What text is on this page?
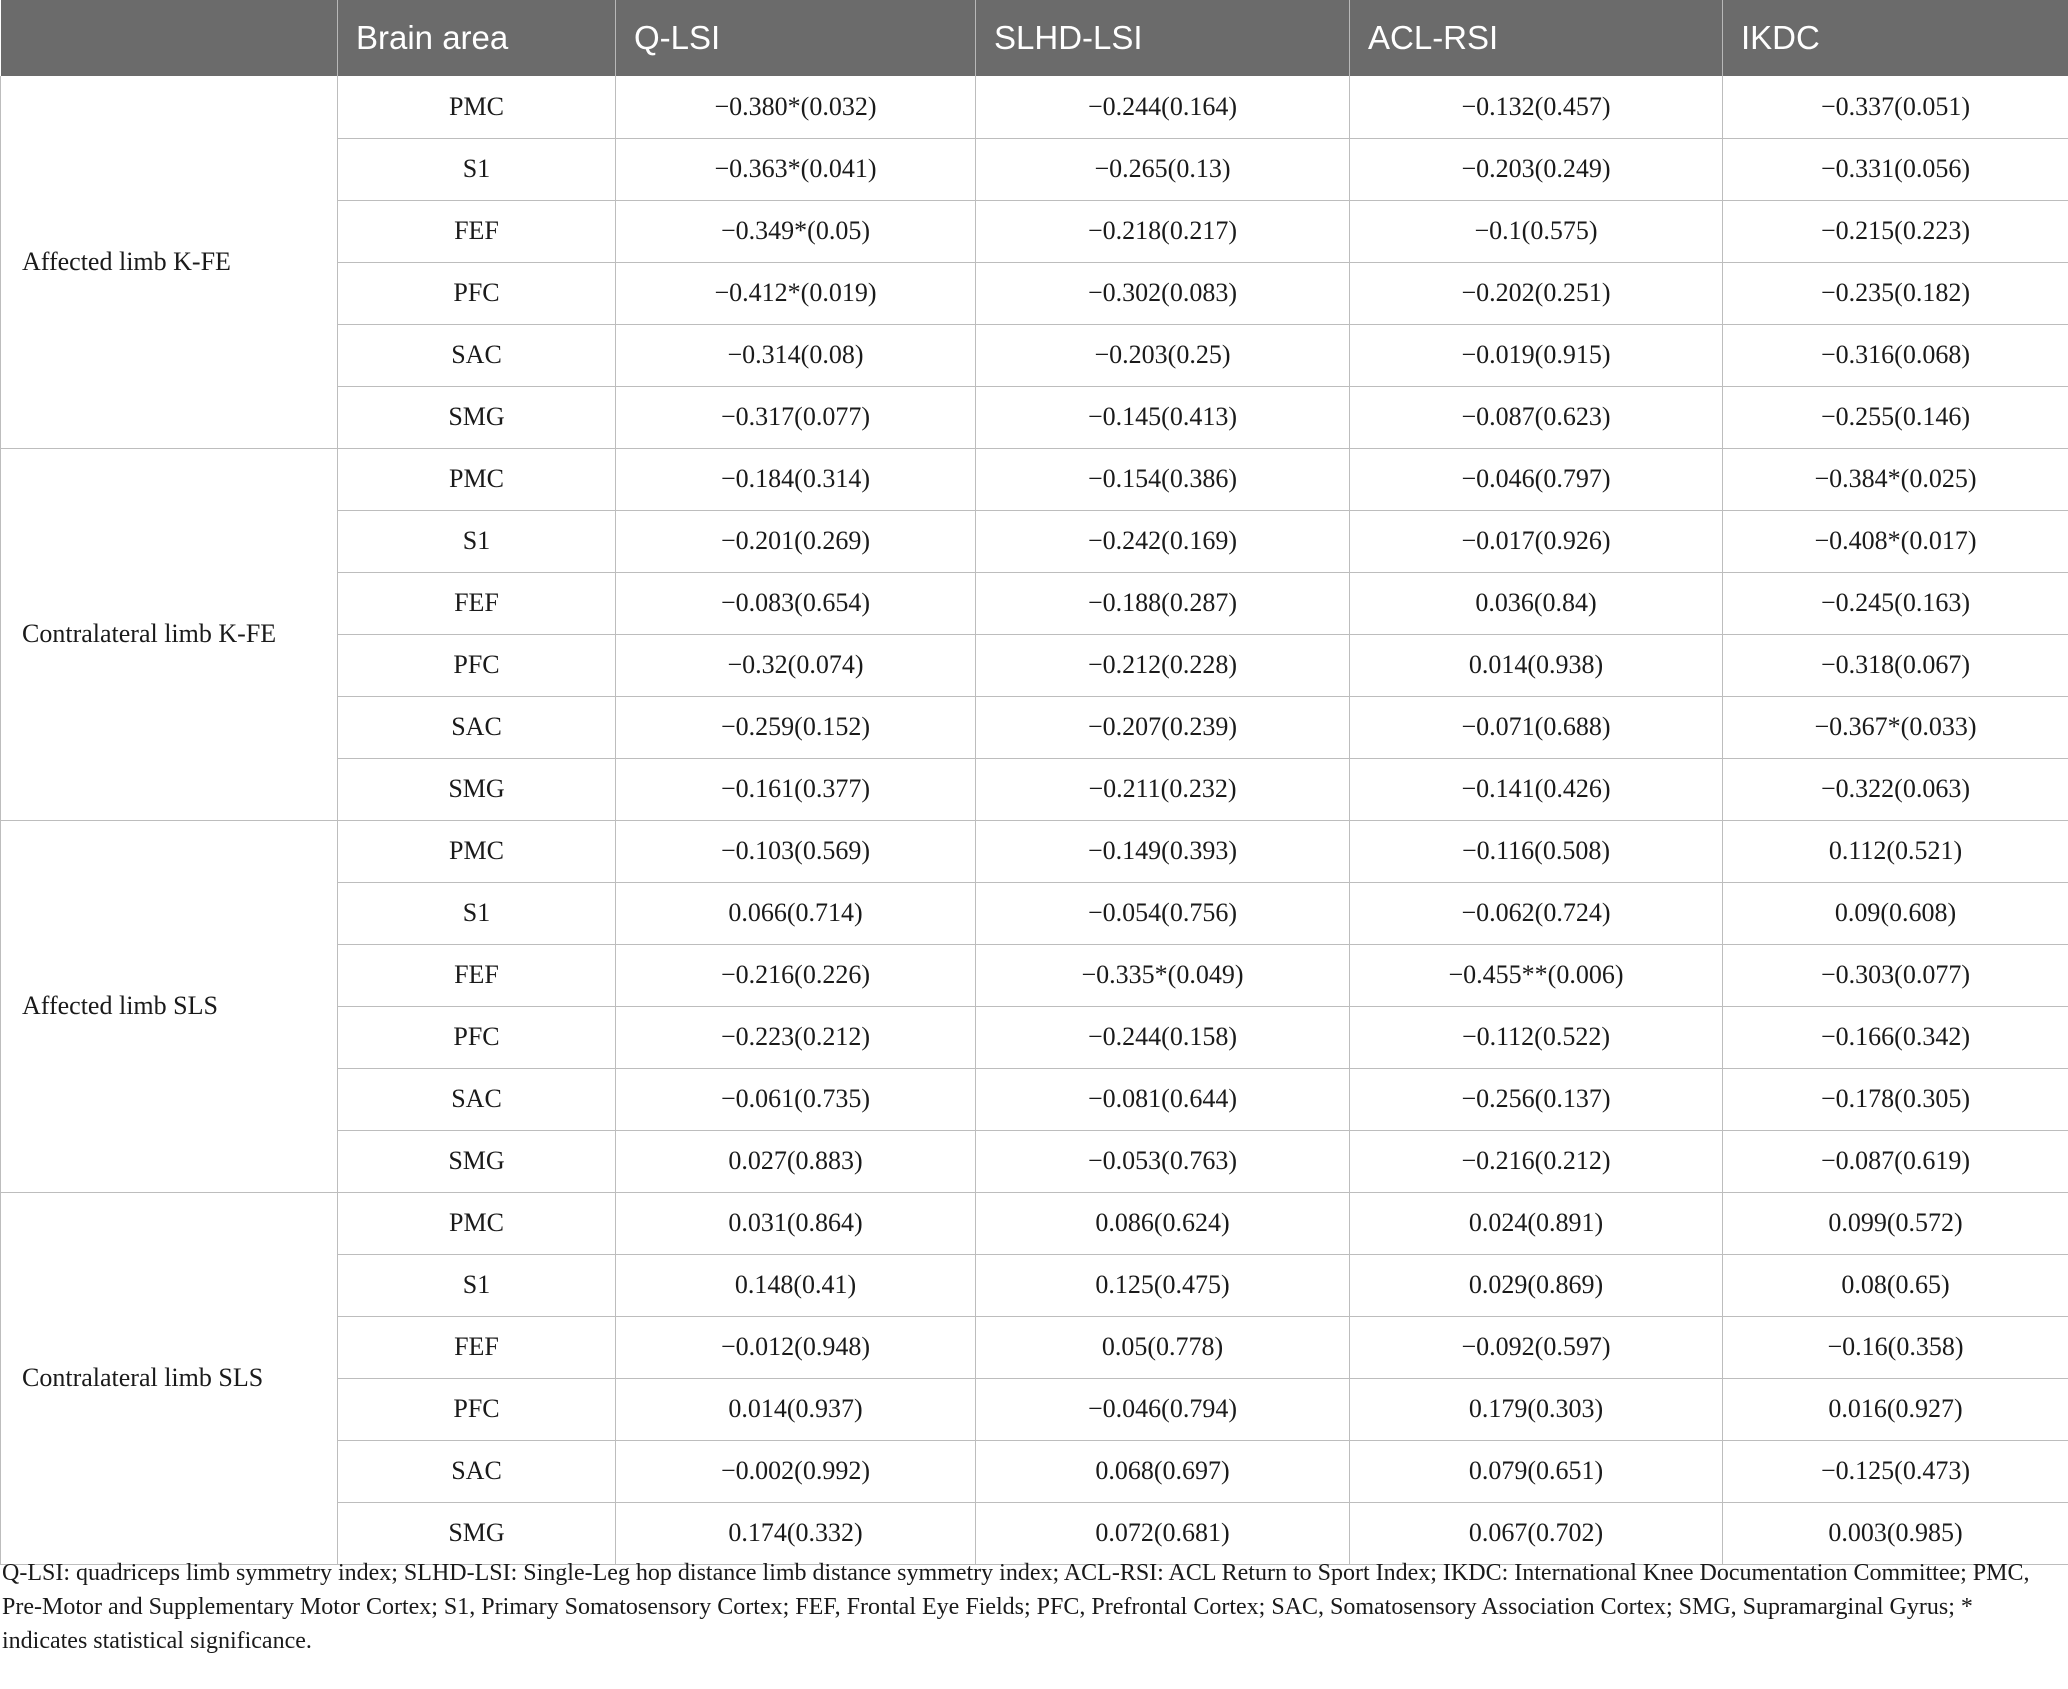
	Brain area	Q-LSI	SLHD-LSI	ACL-RSI	IKDC
Affected limb K-FE	PMC	−0.380*(0.032)	−0.244(0.164)	−0.132(0.457)	−0.337(0.051)
	S1	−0.363*(0.041)	−0.265(0.13)	−0.203(0.249)	−0.331(0.056)
	FEF	−0.349*(0.05)	−0.218(0.217)	−0.1(0.575)	−0.215(0.223)
	PFC	−0.412*(0.019)	−0.302(0.083)	−0.202(0.251)	−0.235(0.182)
	SAC	−0.314(0.08)	−0.203(0.25)	−0.019(0.915)	−0.316(0.068)
	SMG	−0.317(0.077)	−0.145(0.413)	−0.087(0.623)	−0.255(0.146)
Contralateral limb K-FE	PMC	−0.184(0.314)	−0.154(0.386)	−0.046(0.797)	−0.384*(0.025)
	S1	−0.201(0.269)	−0.242(0.169)	−0.017(0.926)	−0.408*(0.017)
	FEF	−0.083(0.654)	−0.188(0.287)	0.036(0.84)	−0.245(0.163)
	PFC	−0.32(0.074)	−0.212(0.228)	0.014(0.938)	−0.318(0.067)
	SAC	−0.259(0.152)	−0.207(0.239)	−0.071(0.688)	−0.367*(0.033)
	SMG	−0.161(0.377)	−0.211(0.232)	−0.141(0.426)	−0.322(0.063)
Affected limb SLS	PMC	−0.103(0.569)	−0.149(0.393)	−0.116(0.508)	0.112(0.521)
	S1	0.066(0.714)	−0.054(0.756)	−0.062(0.724)	0.09(0.608)
	FEF	−0.216(0.226)	−0.335*(0.049)	−0.455**(0.006)	−0.303(0.077)
	PFC	−0.223(0.212)	−0.244(0.158)	−0.112(0.522)	−0.166(0.342)
	SAC	−0.061(0.735)	−0.081(0.644)	−0.256(0.137)	−0.178(0.305)
	SMG	0.027(0.883)	−0.053(0.763)	−0.216(0.212)	−0.087(0.619)
Contralateral limb SLS	PMC	0.031(0.864)	0.086(0.624)	0.024(0.891)	0.099(0.572)
	S1	0.148(0.41)	0.125(0.475)	0.029(0.869)	0.08(0.65)
	FEF	−0.012(0.948)	0.05(0.778)	−0.092(0.597)	−0.16(0.358)
	PFC	0.014(0.937)	−0.046(0.794)	0.179(0.303)	0.016(0.927)
	SAC	−0.002(0.992)	0.068(0.697)	0.079(0.651)	−0.125(0.473)
	SMG	0.174(0.332)	0.072(0.681)	0.067(0.702)	0.003(0.985)
Q-LSI: quadriceps limb symmetry index; SLHD-LSI: Single-Leg hop distance limb distance symmetry index; ACL-RSI: ACL Return to Sport Index; IKDC: International Knee Documentation Committee; PMC, Pre-Motor and Supplementary Motor Cortex; S1, Primary Somatosensory Cortex; FEF, Frontal Eye Fields; PFC, Prefrontal Cortex; SAC, Somatosensory Association Cortex; SMG, Supramarginal Gyrus; * indicates statistical significance.
